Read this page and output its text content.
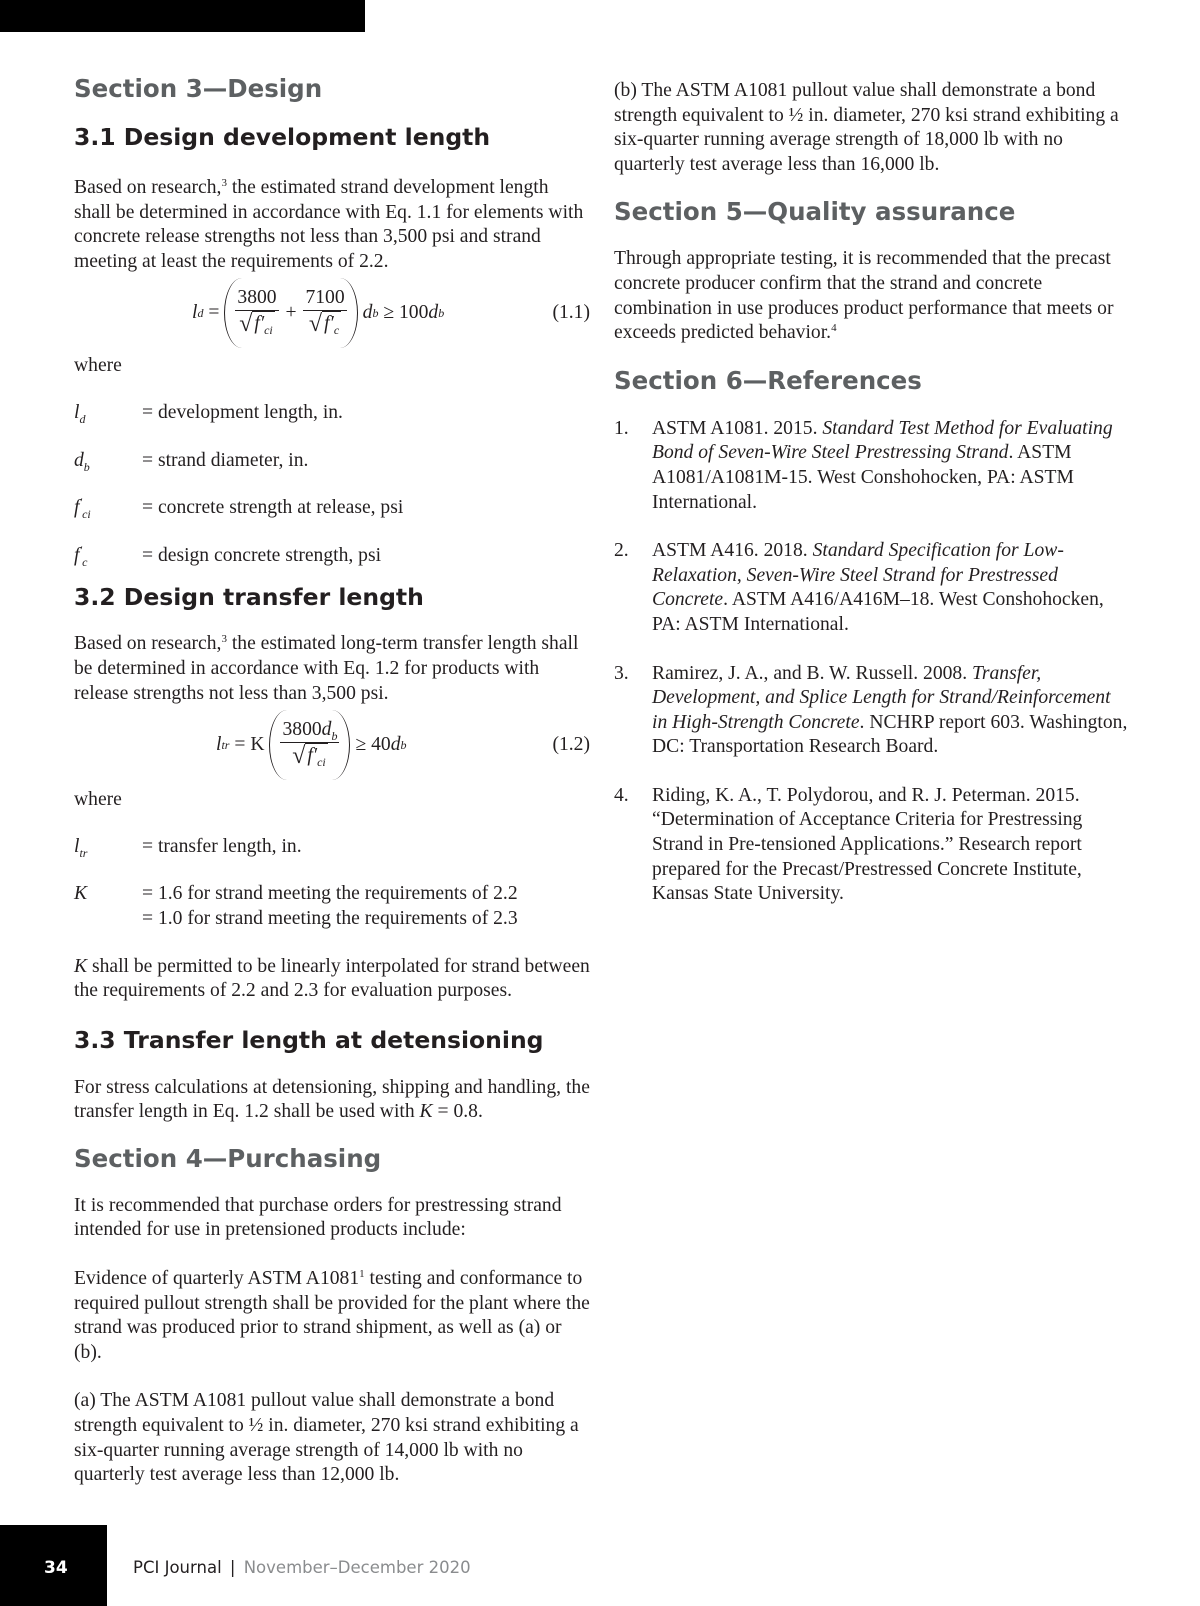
Section 3—Design
3.1 Design development length

Based on research,$^3$ the estimated strand development length shall be determined in accordance with Eq. 1.1 for elements with concrete release strengths not less than 3,500 psi and strand meeting at least the requirements of 2.2.

l $d = \frac{3800}{√ f'_{ci}} + \frac{7100}{√ f'_c}$ d b
≥ 100 d b	(1.1)

where

$l_d$	= development length, in.
$d_b$	= strand diameter, in.
$f'_{ci}$	= concrete strength at release, psi
$f'_c$	= design concrete strength, psi
3.2 Design transfer length

Based on research,$^3$ the estimated long-term transfer length shall be determined in accordance with Eq. 1.2 for products with release strengths not less than 3,500 psi.

l tr
= K $\frac{3800d_b}{√ f'_{ci}} \ge 40$ d b	(1.2)

where

$l_{tr}$	= transfer length, in.
K	= 1.6 for strand meeting the requirements of 2.2
= 1.0 for strand meeting the requirements of 2.3

K shall be permitted to be linearly interpolated for strand between the requirements of 2.2 and 2.3 for evaluation purposes.

3.3 Transfer length at detensioning

For stress calculations at detensioning, shipping and handling, the transfer length in Eq. 1.2 shall be used with K = 0.8.

Section 4—Purchasing

It is recommended that purchase orders for prestressing strand intended for use in pretensioned products include:

Evidence of quarterly ASTM A1081$^1$ testing and conformance to required pullout strength shall be provided for the plant where the strand was produced prior to strand shipment, as well as (a) or (b).

(a) The ASTM A1081 pullout value shall demonstrate a bond strength equivalent to ½ in. diameter, 270 ksi strand exhibiting a six-quarter running average strength of 14,000 lb with no quarterly test average less than 12,000 lb.

(b) The ASTM A1081 pullout value shall demonstrate a bond strength equivalent to ½ in. diameter, 270 ksi strand exhibiting a six-quarter running average strength of 18,000 lb with no quarterly test average less than 16,000 lb.

Section 5—Quality assurance

Through appropriate testing, it is recommended that the precast concrete producer confirm that the strand and concrete combination in use produces product performance that meets or exceeds predicted behavior.$^4$

Section 6—References
1.	ASTM A1081. 2015. Standard Test Method for Evaluating Bond of Seven-Wire Steel Prestressing Strand. ASTM A1081/A1081M-15. West Conshohocken, PA: ASTM International.
2.	ASTM A416. 2018. Standard Specification for Low-Relaxation, Seven-Wire Steel Strand for Prestressed Concrete. ASTM A416/A416M–18. West Conshohocken, PA: ASTM International.
3.	Ramirez, J. A., and B. W. Russell. 2008. Transfer, Development, and Splice Length for Strand/Reinforcement in High-Strength Concrete. NCHRP report 603. Washington, DC: Transportation Research Board.
4.	Riding, K. A., T. Polydorou, and R. J. Peterman. 2015. “Determination of Acceptance Criteria for Prestressing Strand in Pre-tensioned Applications.” Research report prepared for the Precast/Prestressed Concrete Institute, Kansas State University.
34	PCI Journal | November–December 2020
